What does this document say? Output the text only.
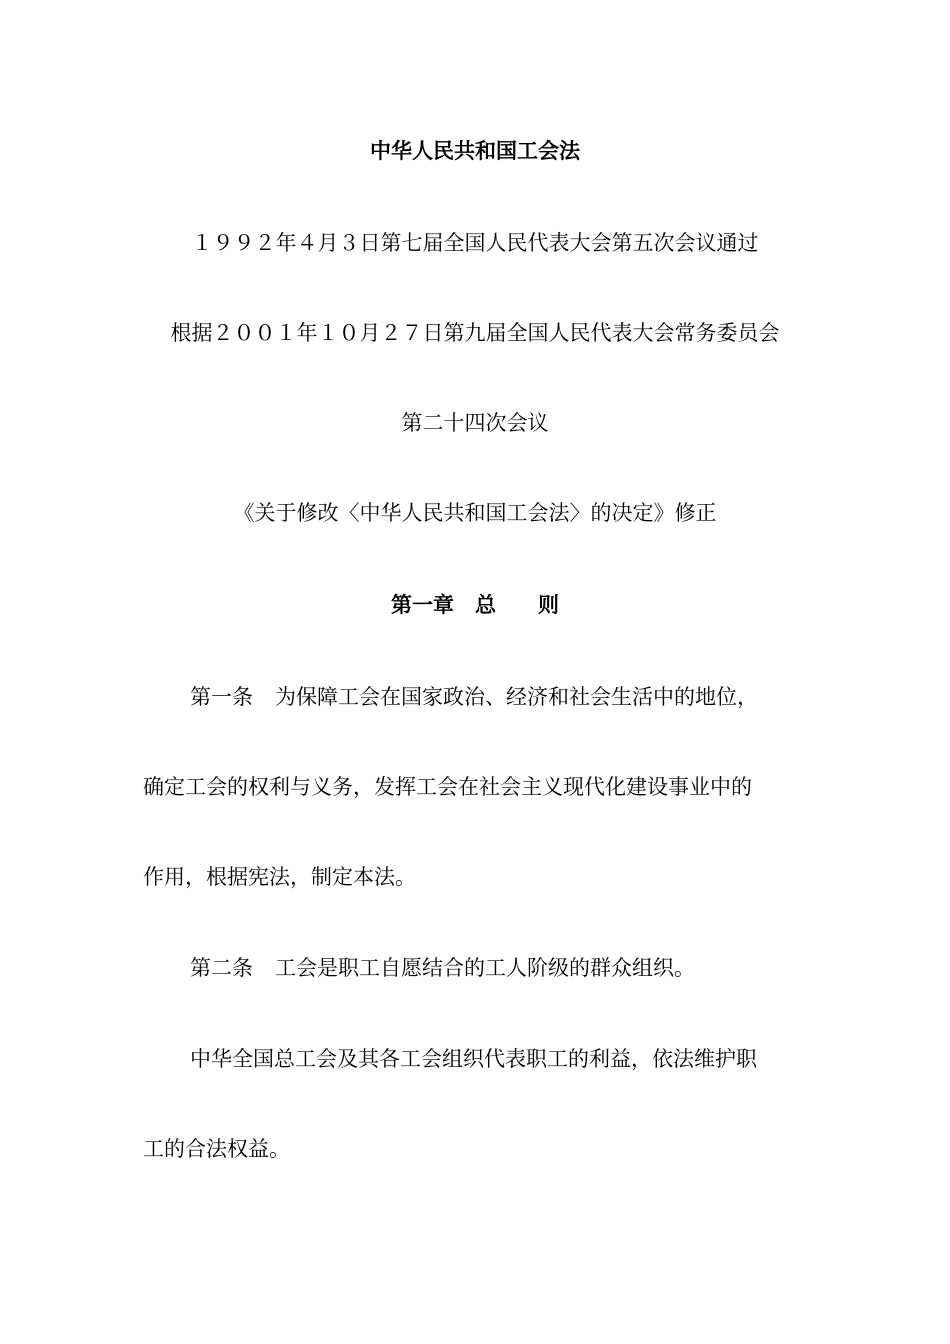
中华人民共和国工会法
１９９２年４月３日第七届全国人民代表大会第五次会议通过
根据２００１年１０月２７日第九届全国人民代表大会常务委员会
第二十四次会议
《关于修改〈中华人民共和国工会法〉的决定》修正
第一章　总　　则
第一条 为保障工会在国家政治、经济和社会生活中的地位，
确定工会的权利与义务，发挥工会在社会主义现代化建设事业中的
作用，根据宪法，制定本法。
第二条 工会是职工自愿结合的工人阶级的群众组织。
中华全国总工会及其各工会组织代表职工的利益，依法维护职
工的合法权益。
